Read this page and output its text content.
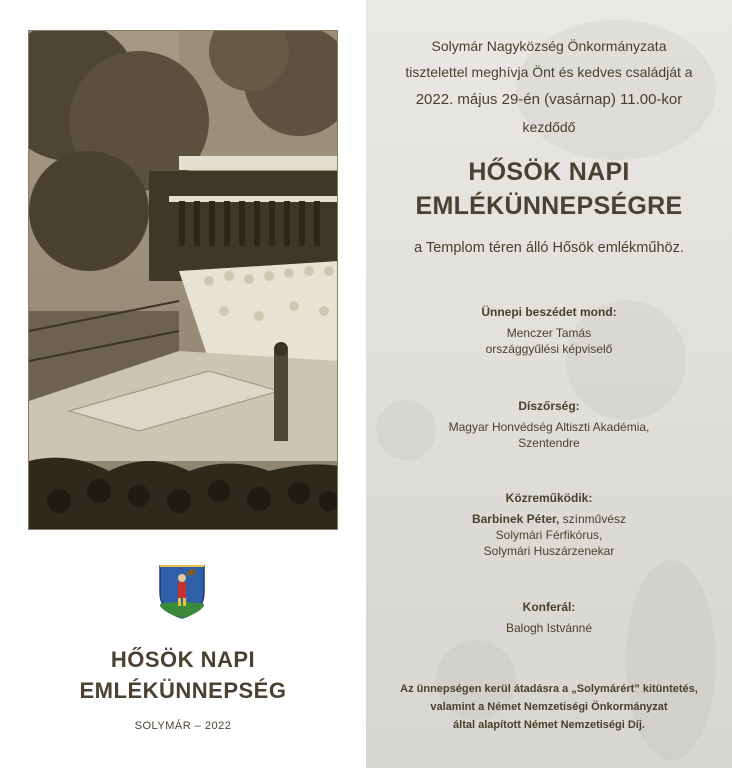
HŐSÖK NAPI
EMLÉKÜNNEPSÉG
SOLYMÁR – 2022
Solymár Nagyközség Önkormányzata
tisztelettel meghívja Önt és kedves családját a
2022. május 29-én (vasárnap) 11.00-kor
kezdődő
HŐSÖK NAPI
EMLÉKÜNNEPSÉGRE
a Templom téren álló Hősök emlékműhöz.
Ünnepi beszédet mond:
Menczer Tamás
országgyűlési képviselő
Díszőrség:
Magyar Honvédség Altiszti Akadémia,
Szentendre
Közreműködik:
Barbinek Péter, színművész
Solymári Férfikórus,
Solymári Huszárzenekar
Konferál:
Balogh Istvánné
Az ünnepségen kerül átadásra a „Solymárért” kitüntetés,
valamint a Német Nemzetiségi Önkormányzat
által alapított Német Nemzetiségi Díj.
